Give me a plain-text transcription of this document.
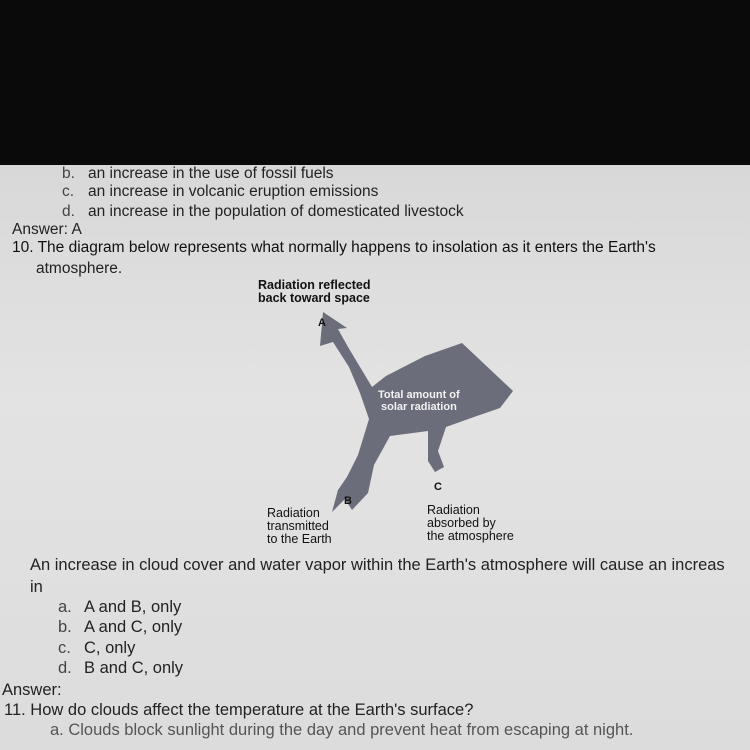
b. an increase in the use of fossil fuels
c. an increase in volcanic eruption emissions
d. an increase in the population of domesticated livestock
Answer: A
10. The diagram below represents what normally happens to insolation as it enters the Earth's
atmosphere.
Radiation reflected
back toward space
A
Total amount of
solar radiation
B
Radiation
transmitted
to the Earth
C
Radiation
absorbed by
the atmosphere
An increase in cloud cover and water vapor within the Earth's atmosphere will cause an increas
in
a. A and B, only
b. A and C, only
c. C, only
d. B and C, only
Answer:
11. How do clouds affect the temperature at the Earth's surface?
a. Clouds block sunlight during the day and prevent heat from escaping at night.
